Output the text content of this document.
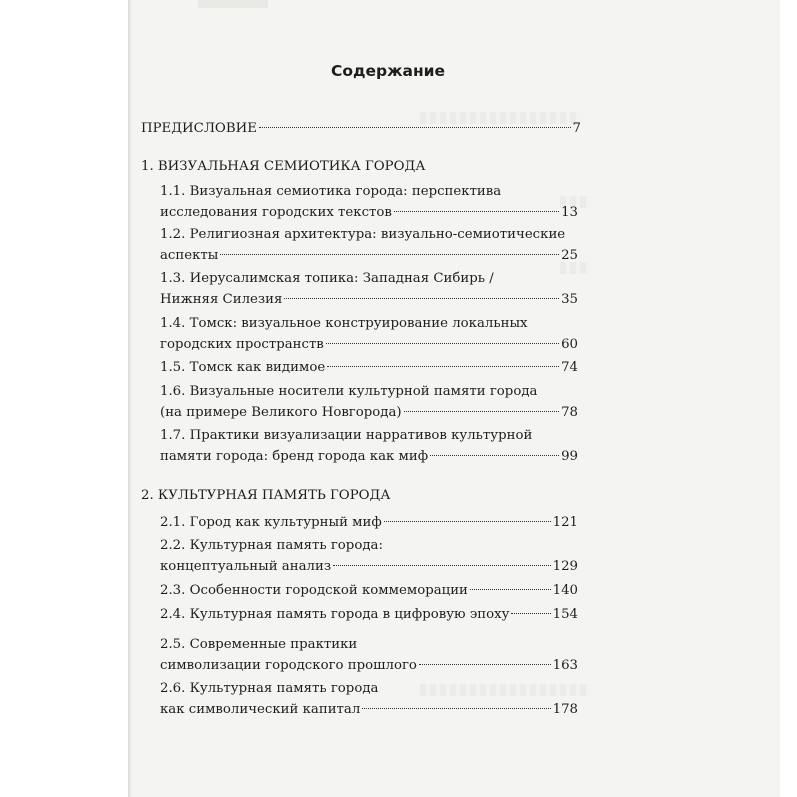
Содержание
ПРЕДИСЛОВИЕ	7
1. ВИЗУАЛЬНАЯ СЕМИОТИКА ГОРОДА
1.1. Визуальная семиотика города: перспектива
исследования городских текстов	13
1.2. Религиозная архитектура: визуально-семиотические
аспекты	25
1.3. Иерусалимская топика: Западная Сибирь /
Нижняя Силезия	35
1.4. Томск: визуальное конструирование локальных
городских пространств	60
1.5. Томск как видимое	74
1.6. Визуальные носители культурной памяти города
(на примере Великого Новгорода)	78
1.7. Практики визуализации нарративов культурной
памяти города: бренд города как миф	99
2. КУЛЬТУРНАЯ ПАМЯТЬ ГОРОДА
2.1. Город как культурный миф	121
2.2. Культурная память города:
концептуальный анализ	129
2.3. Особенности городской коммеморации	140
2.4. Культурная память города в цифровую эпоху	154
2.5. Современные практики
символизации городского прошлого	163
2.6. Культурная память города
как символический капитал	178
